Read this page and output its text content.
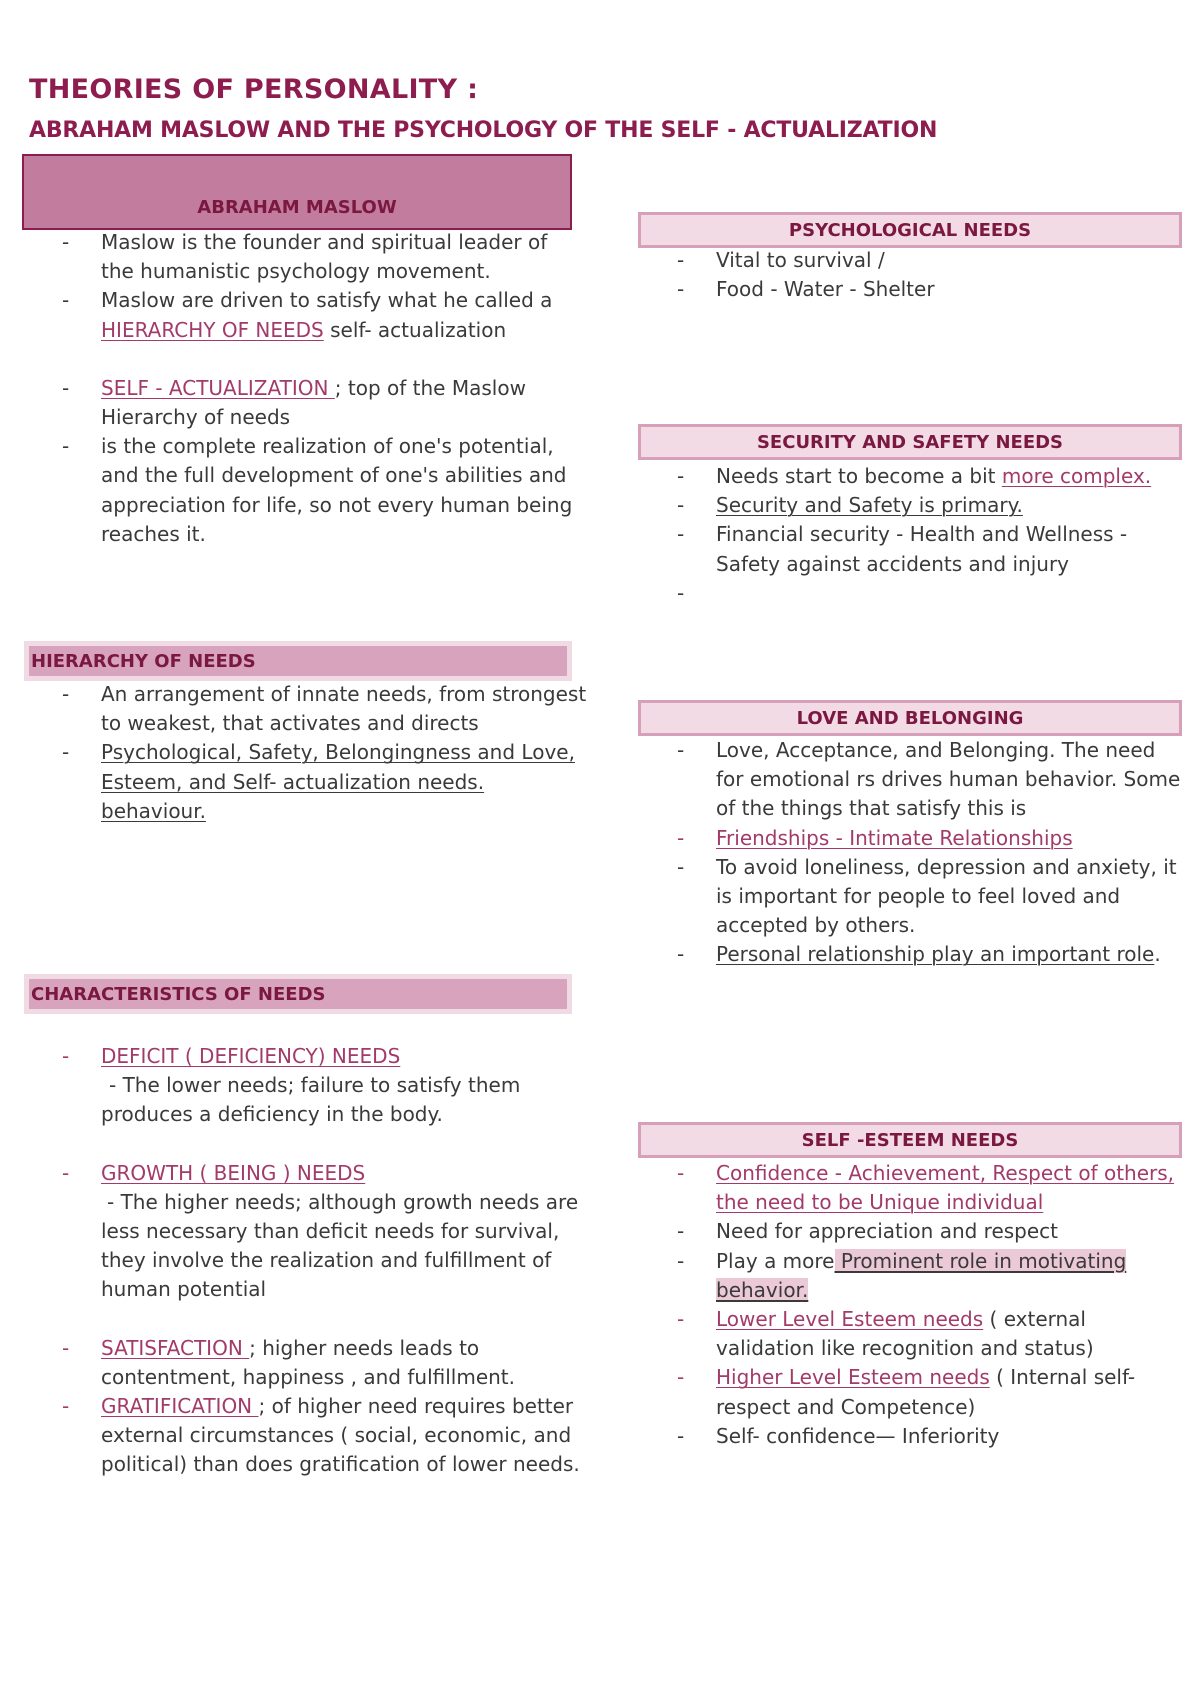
THEORIES OF PERSONALITY :
ABRAHAM MASLOW AND THE PSYCHOLOGY OF THE SELF - ACTUALIZATION
ABRAHAM MASLOW
- Maslow is the founder and spiritual leader of the humanistic psychology movement.
- Maslow are driven to satisfy what he called a HIERARCHY OF NEEDS self- actualization
- SELF - ACTUALIZATION ; top of the Maslow Hierarchy of needs
- is the complete realization of one's potential, and the full development of one's abilities and appreciation for life, so not every human being reaches it.
HIERARCHY OF NEEDS
- An arrangement of innate needs, from strongest to weakest, that activates and directs
- Psychological, Safety, Belongingness and Love, Esteem, and Self- actualization needs. behaviour.
CHARACTERISTICS OF NEEDS
- DEFICIT ( DEFICIENCY) NEEDS
- The lower needs; failure to satisfy them produces a deficiency in the body.
- GROWTH ( BEING ) NEEDS
- The higher needs; although growth needs are less necessary than deficit needs for survival, they involve the realization and fulfillment of human potential
- SATISFACTION ; higher needs leads to contentment, happiness , and fulfillment.
- GRATIFICATION ; of higher need requires better external circumstances ( social, economic, and political) than does gratification of lower needs.
PSYCHOLOGICAL NEEDS
- Vital to survival /
- Food - Water - Shelter
SECURITY AND SAFETY NEEDS
- Needs start to become a bit more complex.
- Security and Safety is primary.
- Financial security - Health and Wellness - Safety against accidents and injury
LOVE AND BELONGING
- Love, Acceptance, and Belonging. The need for emotional rs drives human behavior. Some of the things that satisfy this is
- Friendships - Intimate Relationships
- To avoid loneliness, depression and anxiety, it is important for people to feel loved and accepted by others.
- Personal relationship play an important role.
SELF -ESTEEM NEEDS
- Confidence - Achievement, Respect of others, the need to be Unique individual
- Need for appreciation and respect
- Play a more Prominent role in motivating behavior.
- Lower Level Esteem needs ( external validation like recognition and status)
- Higher Level Esteem needs ( Internal self- respect and Competence)
- Self- confidence— Inferiority
